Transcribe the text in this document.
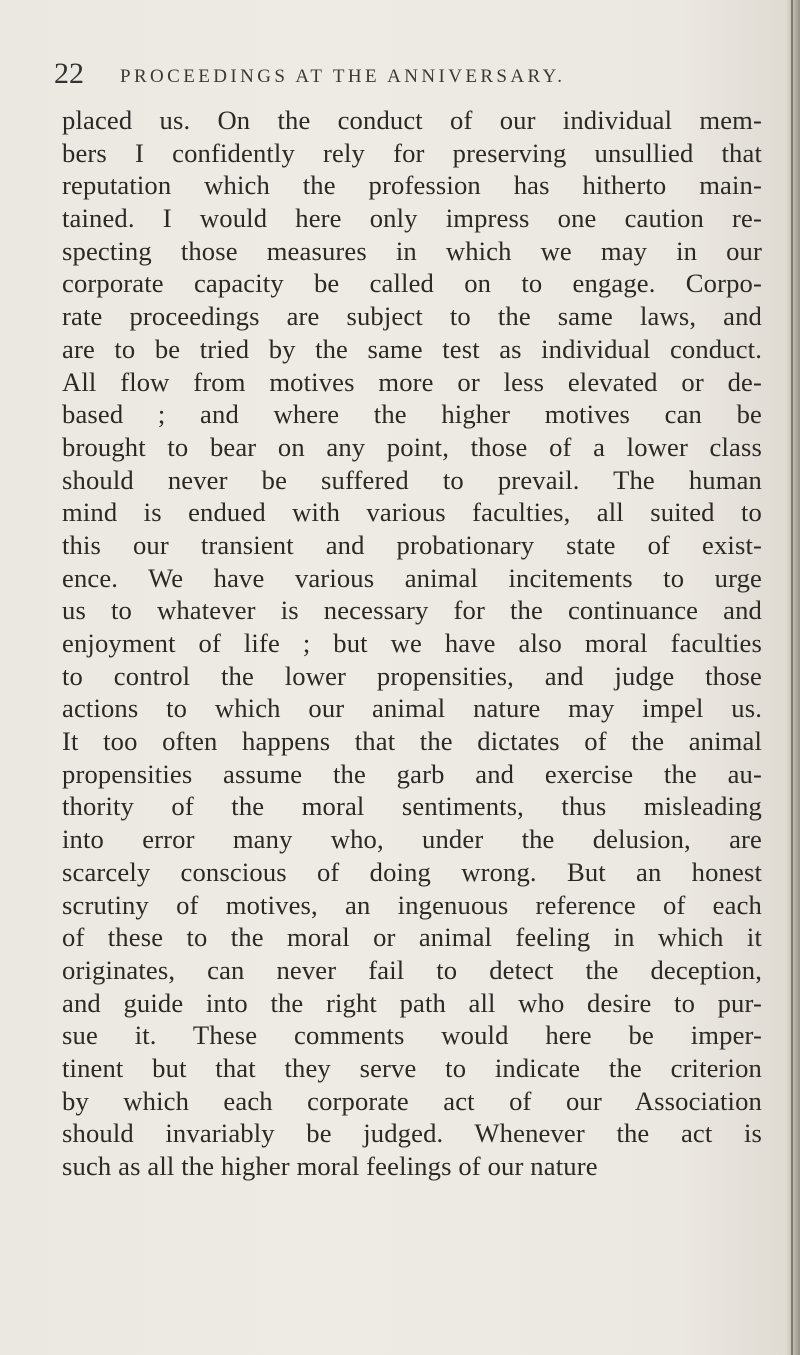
22 PROCEEDINGS AT THE ANNIVERSARY.
placed us. On the conduct of our individual mem-
bers I confidently rely for preserving unsullied that
reputation which the profession has hitherto main-
tained. I would here only impress one caution re-
specting those measures in which we may in our
corporate capacity be called on to engage. Corpo-
rate proceedings are subject to the same laws, and
are to be tried by the same test as individual conduct.
All flow from motives more or less elevated or de-
based ; and where the higher motives can be
brought to bear on any point, those of a lower class
should never be suffered to prevail. The human
mind is endued with various faculties, all suited to
this our transient and probationary state of exist-
ence. We have various animal incitements to urge
us to whatever is necessary for the continuance and
enjoyment of life ; but we have also moral faculties
to control the lower propensities, and judge those
actions to which our animal nature may impel us.
It too often happens that the dictates of the animal
propensities assume the garb and exercise the au-
thority of the moral sentiments, thus misleading
into error many who, under the delusion, are
scarcely conscious of doing wrong. But an honest
scrutiny of motives, an ingenuous reference of each
of these to the moral or animal feeling in which it
originates, can never fail to detect the deception,
and guide into the right path all who desire to pur-
sue it. These comments would here be imper-
tinent but that they serve to indicate the criterion
by which each corporate act of our Association
should invariably be judged. Whenever the act is
such as all the higher moral feelings of our nature
